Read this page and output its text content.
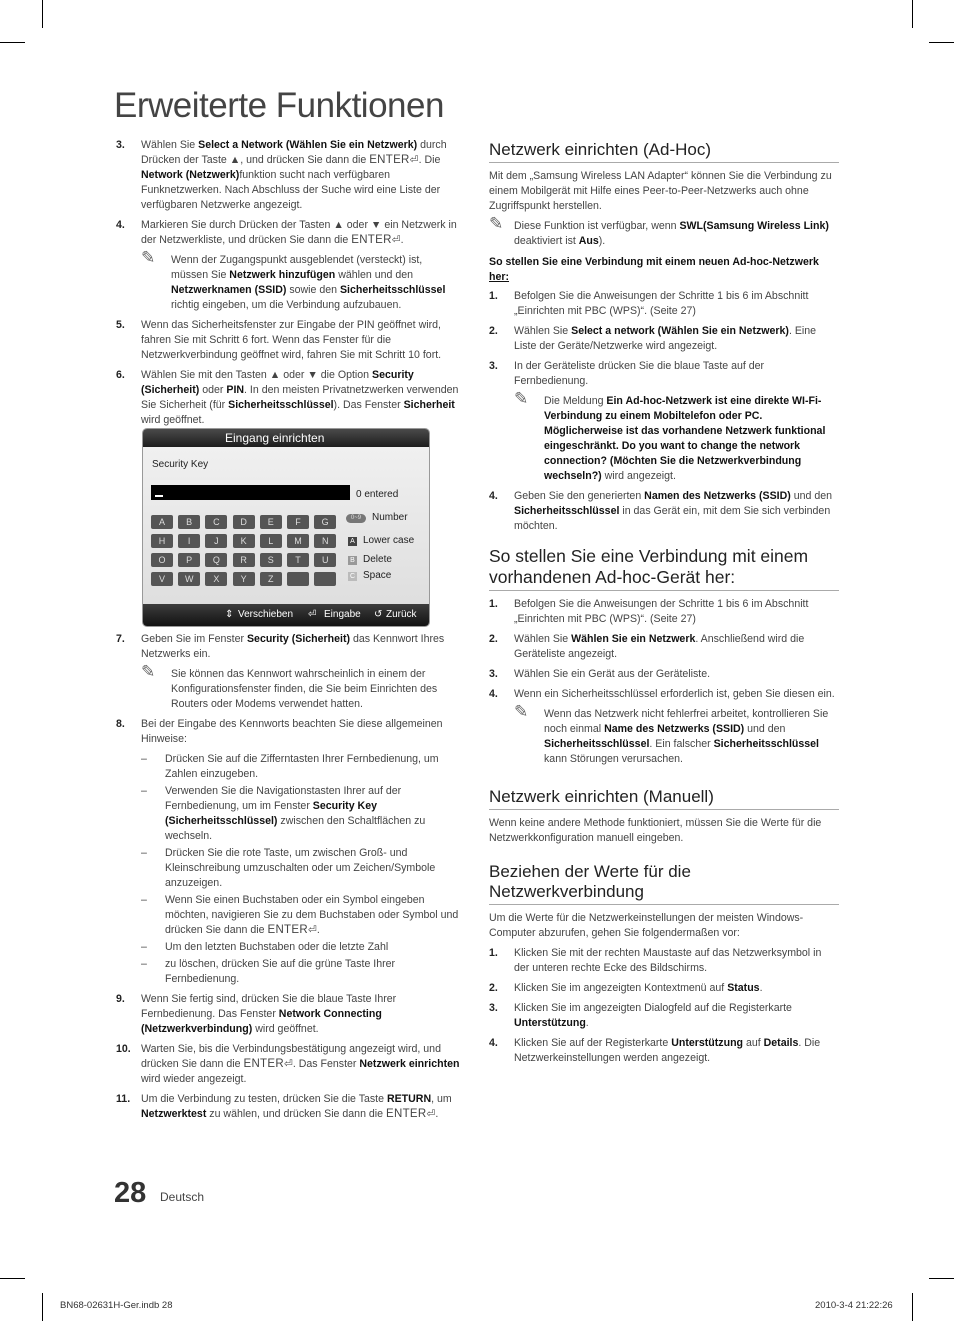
Erweiterte Funktionen
3. Wählen Sie Select a Network (Wählen Sie ein Netzwerk) durch Drücken der Taste ▲, und drücken Sie dann die ENTER⏎. Die Network (Netzwerk)funktion sucht nach verfügbaren Funknetzwerken. Nach Abschluss der Suche wird eine Liste der verfügbaren Netzwerke angezeigt.
4. Markieren Sie durch Drücken der Tasten ▲ oder ▼ ein Netzwerk in der Netzwerkliste, und drücken Sie dann die ENTER⏎.
✎ Wenn der Zugangspunkt ausgeblendet (versteckt) ist, müssen Sie Netzwerk hinzufügen wählen und den Netzwerknamen (SSID) sowie den Sicherheitsschlüssel richtig eingeben, um die Verbindung aufzubauen.
5. Wenn das Sicherheitsfenster zur Eingabe der PIN geöffnet wird, fahren Sie mit Schritt 6 fort. Wenn das Fenster für die Netzwerkverbindung geöffnet wird, fahren Sie mit Schritt 10 fort.
6. Wählen Sie mit den Tasten ▲ oder ▼ die Option Security (Sicherheit) oder PIN. In den meisten Privatnetzwerken verwenden Sie Sicherheit (für Sicherheitsschlüssel). Das Fenster Sicherheit wird geöffnet.
Eingang einrichten
Security Key
0 entered
A	B	C	D	E	F	G
H	I	J	K	L	M	N
O	P	Q	R	S	T	U
V	W	X	Y	Z
0~9	Number
A Lower case
B Delete
C Space
⇕ Verschieben ⏎ Eingabe ↺ Zurück
7. Geben Sie im Fenster Security (Sicherheit) das Kennwort Ihres Netzwerks ein.
✎ Sie können das Kennwort wahrscheinlich in einem der Konfigurationsfenster finden, die Sie beim Einrichten des Routers oder Modems verwendet hatten.
8. Bei der Eingabe des Kennworts beachten Sie diese allgemeinen Hinweise:
– Drücken Sie auf die Zifferntasten Ihrer Fernbedienung, um Zahlen einzugeben.
– Verwenden Sie die Navigationstasten Ihrer auf der Fernbedienung, um im Fenster Security Key (Sicherheitsschlüssel) zwischen den Schaltflächen zu wechseln.
– Drücken Sie die rote Taste, um zwischen Groß- und Kleinschreibung umzuschalten oder um Zeichen/Symbole anzuzeigen.
– Wenn Sie einen Buchstaben oder ein Symbol eingeben möchten, navigieren Sie zu dem Buchstaben oder Symbol und drücken Sie dann die ENTER⏎.
– Um den letzten Buchstaben oder die letzte Zahl
– zu löschen, drücken Sie auf die grüne Taste Ihrer Fernbedienung.
9. Wenn Sie fertig sind, drücken Sie die blaue Taste Ihrer Fernbedienung. Das Fenster Network Connecting (Netzwerkverbindung) wird geöffnet.
10. Warten Sie, bis die Verbindungsbestätigung angezeigt wird, und drücken Sie dann die ENTER⏎. Das Fenster Netzwerk einrichten wird wieder angezeigt.
11. Um die Verbindung zu testen, drücken Sie die Taste RETURN, um Netzwerktest zu wählen, und drücken Sie dann die ENTER⏎.
Netzwerk einrichten (Ad-Hoc)

Mit dem „Samsung Wireless LAN Adapter“ können Sie die Verbindung zu einem Mobilgerät mit Hilfe eines Peer-to-Peer-Netzwerks auch ohne Zugriffspunkt herstellen.

✎ Diese Funktion ist verfügbar, wenn SWL(Samsung Wireless Link) deaktiviert ist Aus).
So stellen Sie eine Verbindung mit einem neuen Ad-hoc-Netzwerk her:
1. Befolgen Sie die Anweisungen der Schritte 1 bis 6 im Abschnitt „Einrichten mit PBC (WPS)“. (Seite 27)
2. Wählen Sie Select a network (Wählen Sie ein Netzwerk). Eine Liste der Geräte/Netzwerke wird angezeigt.
3. In der Geräteliste drücken Sie die blaue Taste auf der Fernbedienung.
✎ Die Meldung Ein Ad-hoc-Netzwerk ist eine direkte WI-Fi-Verbindung zu einem Mobiltelefon oder PC. Möglicherweise ist das vorhandene Netzwerk funktional eingeschränkt. Do you want to change the network connection? (Möchten Sie die Netzwerkverbindung wechseln?) wird angezeigt.
4. Geben Sie den generierten Namen des Netzwerks (SSID) und den Sicherheitsschlüssel in das Gerät ein, mit dem Sie sich verbinden möchten.
So stellen Sie eine Verbindung mit einem vorhandenen Ad-hoc-Gerät her:
1. Befolgen Sie die Anweisungen der Schritte 1 bis 6 im Abschnitt „Einrichten mit PBC (WPS)“. (Seite 27)
2. Wählen Sie Wählen Sie ein Netzwerk. Anschließend wird die Geräteliste angezeigt.
3. Wählen Sie ein Gerät aus der Geräteliste.
4. Wenn ein Sicherheitsschlüssel erforderlich ist, geben Sie diesen ein.
✎ Wenn das Netzwerk nicht fehlerfrei arbeitet, kontrollieren Sie noch einmal Name des Netzwerks (SSID) und den Sicherheitsschlüssel. Ein falscher Sicherheitsschlüssel kann Störungen verursachen.
Netzwerk einrichten (Manuell)

Wenn keine andere Methode funktioniert, müssen Sie die Werte für die Netzwerkkonfiguration manuell eingeben.

Beziehen der Werte für die Netzwerkverbindung

Um die Werte für die Netzwerkeinstellungen der meisten Windows-Computer abzurufen, gehen Sie folgendermaßen vor:

1. Klicken Sie mit der rechten Maustaste auf das Netzwerksymbol in der unteren rechte Ecke des Bildschirms.
2. Klicken Sie im angezeigten Kontextmenü auf Status.
3. Klicken Sie im angezeigten Dialogfeld auf die Registerkarte Unterstützung.
4. Klicken Sie auf der Registerkarte Unterstützung auf Details. Die Netzwerkeinstellungen werden angezeigt.
28 Deutsch
BN68-02631H-Ger.indb 28	2010-3-4 21:22:26
